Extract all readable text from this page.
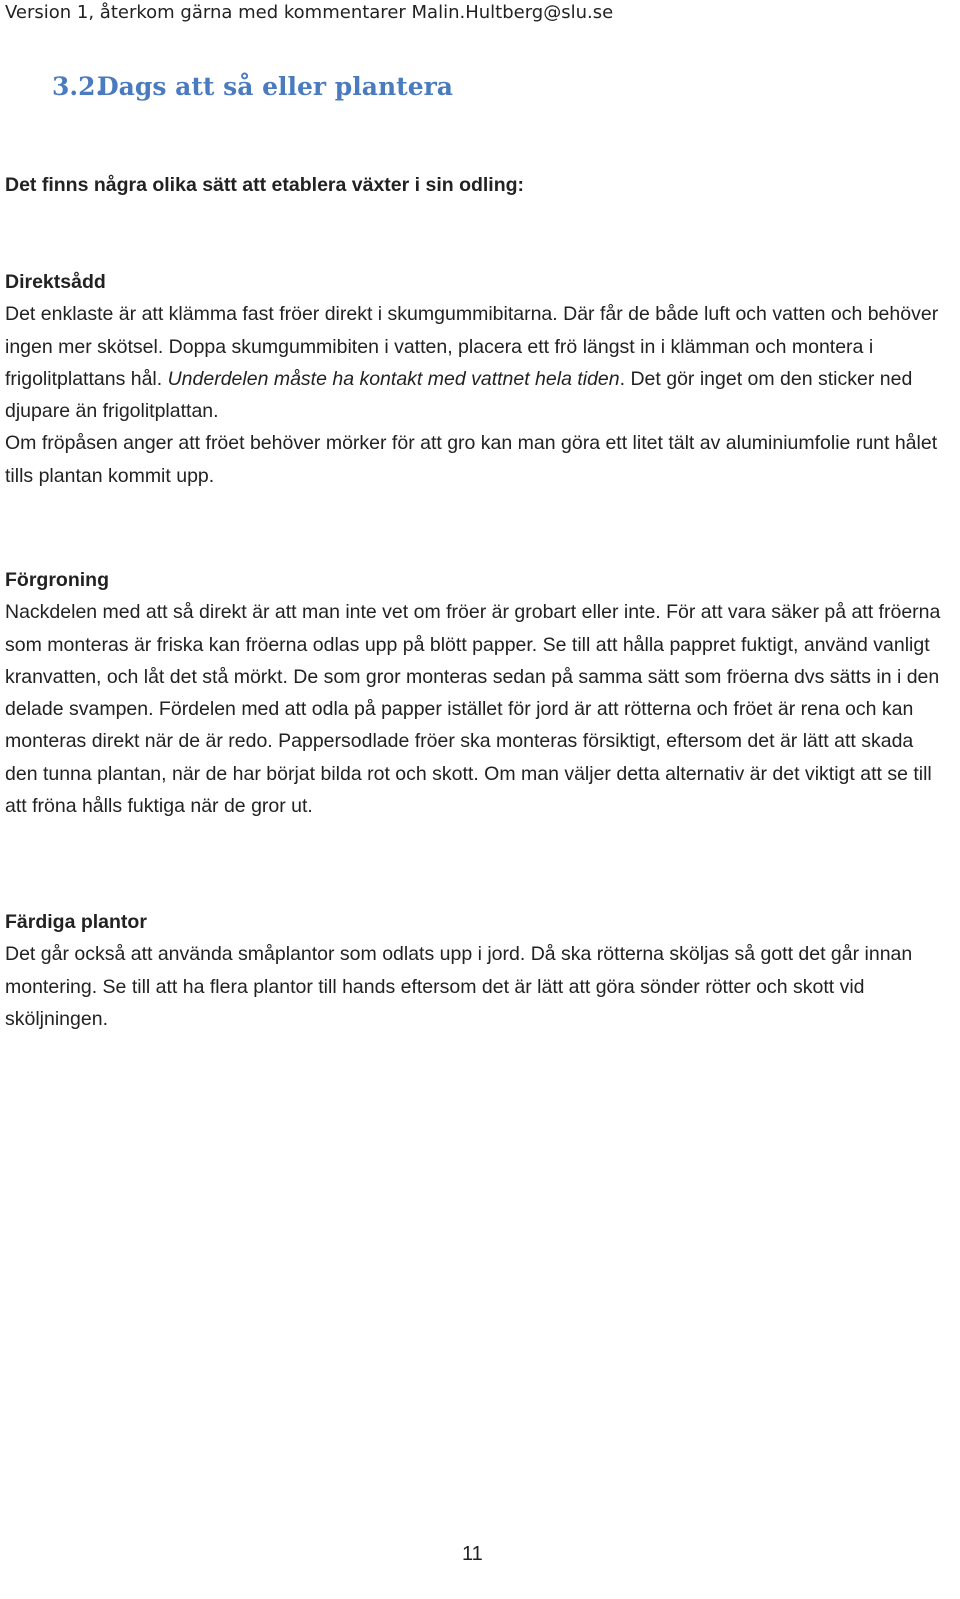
Version 1, återkom gärna med kommentarer Malin.Hultberg@slu.se
3.2.Dags att så eller plantera
Det finns några olika sätt att etablera växter i sin odling:
Direktsådd

Det enklaste är att klämma fast fröer direkt i skumgummibitarna. Där får de både luft och vatten och behöver ingen mer skötsel. Doppa skumgummibiten i vatten, placera ett frö längst in i klämman och montera i frigolitplattans hål. Underdelen måste ha kontakt med vattnet hela tiden. Det gör inget om den sticker ned djupare än frigolitplattan.

Om fröpåsen anger att fröet behöver mörker för att gro kan man göra ett litet tält av aluminiumfolie runt hålet tills plantan kommit upp.

Förgroning

Nackdelen med att så direkt är att man inte vet om fröer är grobart eller inte. För att vara säker på att fröerna som monteras är friska kan fröerna odlas upp på blött papper. Se till att hålla pappret fuktigt, använd vanligt kranvatten, och låt det stå mörkt. De som gror monteras sedan på samma sätt som fröerna dvs sätts in i den delade svampen. Fördelen med att odla på papper istället för jord är att rötterna och fröet är rena och kan monteras direkt när de är redo. Pappersodlade fröer ska monteras försiktigt, eftersom det är lätt att skada den tunna plantan, när de har börjat bilda rot och skott. Om man väljer detta alternativ är det viktigt att se till att fröna hålls fuktiga när de gror ut.

Färdiga plantor

Det går också att använda småplantor som odlats upp i jord. Då ska rötterna sköljas så gott det går innan montering. Se till att ha flera plantor till hands eftersom det är lätt att göra sönder rötter och skott vid sköljningen.

11
